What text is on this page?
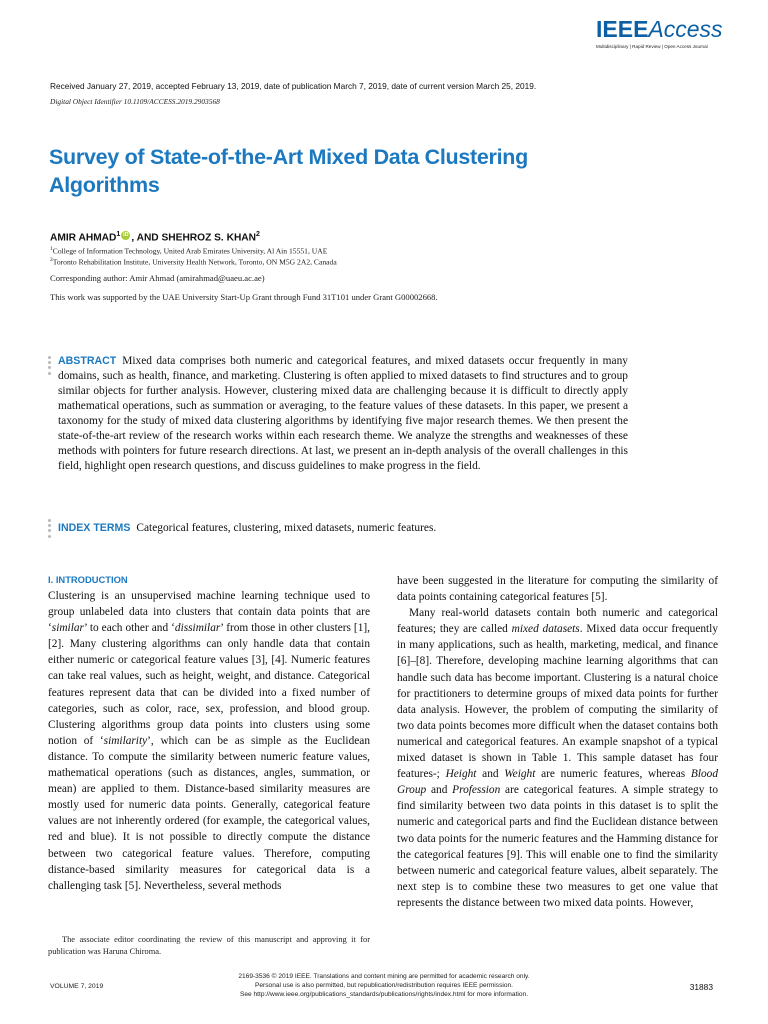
IEEEAccess
Multidisciplinary | Rapid Review | Open Access Journal
Received January 27, 2019, accepted February 13, 2019, date of publication March 7, 2019, date of current version March 25, 2019.
Digital Object Identifier 10.1109/ACCESS.2019.2903568
Survey of State-of-the-Art Mixed Data Clustering Algorithms
AMIR AHMAD$^1$ iD , AND SHEHROZ S. KHAN$^2$
$^1$College of Information Technology, United Arab Emirates University, Al Ain 15551, UAE
$^2$Toronto Rehabilitation Institute, University Health Network, Toronto, ON M5G 2A2, Canada
Corresponding author: Amir Ahmad (amirahmad@uaeu.ac.ae)
This work was supported by the UAE University Start-Up Grant through Fund 31T101 under Grant G00002668.
ABSTRACT Mixed data comprises both numeric and categorical features, and mixed datasets occur frequently in many domains, such as health, finance, and marketing. Clustering is often applied to mixed datasets to find structures and to group similar objects for further analysis. However, clustering mixed data are challenging because it is difficult to directly apply mathematical operations, such as summation or averaging, to the feature values of these datasets. In this paper, we present a taxonomy for the study of mixed data clustering algorithms by identifying five major research themes. We then present the state-of-the-art review of the research works within each research theme. We analyze the strengths and weaknesses of these methods with pointers for future research directions. At last, we present an in-depth analysis of the overall challenges in this field, highlight open research questions, and discuss guidelines to make progress in the field.
INDEX TERMS Categorical features, clustering, mixed datasets, numeric features.
I. INTRODUCTION

Clustering is an unsupervised machine learning technique used to group unlabeled data into clusters that contain data points that are ‘similar’ to each other and ‘dissimilar’ from those in other clusters [1], [2]. Many clustering algorithms can only handle data that contain either numeric or categorical feature values [3], [4]. Numeric features can take real values, such as height, weight, and distance. Categorical features represent data that can be divided into a fixed number of categories, such as color, race, sex, profession, and blood group. Clustering algorithms group data points into clusters using some notion of ‘similarity’, which can be as simple as the Euclidean distance. To compute the similarity between numeric feature values, mathematical operations (such as distances, angles, summation, or mean) are applied to them. Distance-based similarity measures are mostly used for numeric data points. Generally, categorical feature values are not inherently ordered (for example, the categorical values, red and blue). It is not possible to directly compute the distance between two categorical feature values. Therefore, computing distance-based similarity measures for categorical data is a challenging task [5]. Nevertheless, several methods

The associate editor coordinating the review of this manuscript and approving it for publication was Haruna Chiroma.

have been suggested in the literature for computing the similarity of data points containing categorical features [5].

Many real-world datasets contain both numeric and categorical features; they are called mixed datasets. Mixed data occur frequently in many applications, such as health, marketing, medical, and finance [6]–[8]. Therefore, developing machine learning algorithms that can handle such data has become important. Clustering is a natural choice for practitioners to determine groups of mixed data points for further data analysis. However, the problem of computing the similarity of two data points becomes more difficult when the dataset contains both numerical and categorical features. An example snapshot of a typical mixed dataset is shown in Table 1. This sample dataset has four features-; Height and Weight are numeric features, whereas Blood Group and Profession are categorical features. A simple strategy to find similarity between two data points in this dataset is to split the numeric and categorical parts and find the Euclidean distance between two data points for the numeric features and the Hamming distance for the categorical features [9]. This will enable one to find the similarity between numeric and categorical feature values, albeit separately. The next step is to combine these two measures to get one value that represents the distance between two mixed data points. However,

VOLUME 7, 2019
2169-3536 © 2019 IEEE. Translations and content mining are permitted for academic research only.
Personal use is also permitted, but republication/redistribution requires IEEE permission.
See http://www.ieee.org/publications_standards/publications/rights/index.html for more information.
31883
